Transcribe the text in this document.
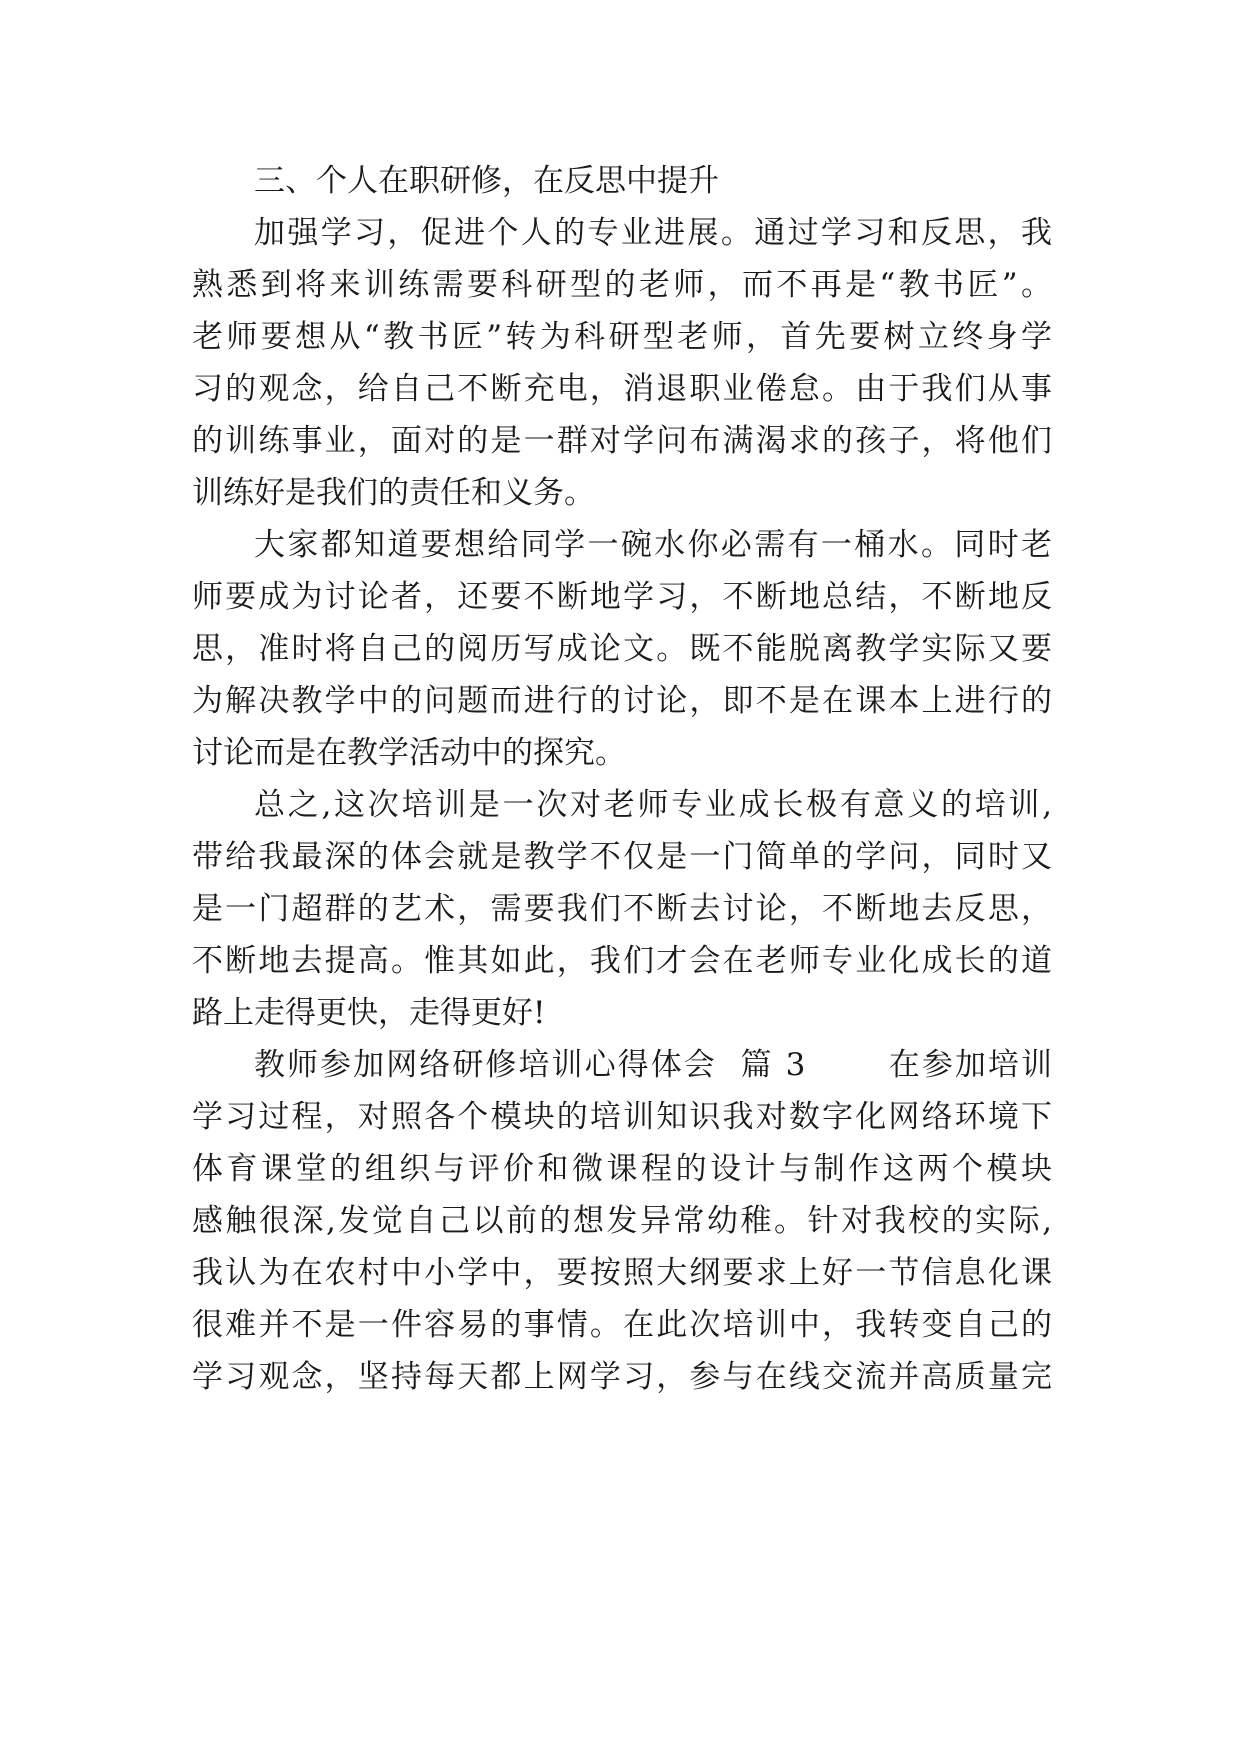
三、个人在职研修，在反思中提升
加强学习，促进个人的专业进展。通过学习和反思，我
熟悉到将来训练需要科研型的老师，而不再是“教书匠”。
老师要想从“教书匠”转为科研型老师，首先要树立终身学
习的观念，给自己不断充电，消退职业倦怠。由于我们从事
的训练事业，面对的是一群对学问布满渴求的孩子，将他们
训练好是我们的责任和义务。
大家都知道要想给同学一碗水你必需有一桶水。同时老
师要成为讨论者，还要不断地学习，不断地总结，不断地反
思，准时将自己的阅历写成论文。既不能脱离教学实际又要
为解决教学中的问题而进行的讨论，即不是在课本上进行的
讨论而是在教学活动中的探究。
总之,这次培训是一次对老师专业成长极有意义的培训,
带给我最深的体会就是教学不仅是一门简单的学问，同时又
是一门超群的艺术，需要我们不断去讨论，不断地去反思，
不断地去提高。惟其如此，我们才会在老师专业化成长的道
路上走得更快，走得更好!
教师参加网络研修培训心得体会  篇 3       在参加培训
学习过程，对照各个模块的培训知识我对数字化网络环境下
体育课堂的组织与评价和微课程的设计与制作这两个模块
感触很深,发觉自己以前的想发异常幼稚。针对我校的实际,
我认为在农村中小学中，要按照大纲要求上好一节信息化课
很难并不是一件容易的事情。在此次培训中，我转变自己的
学习观念，坚持每天都上网学习，参与在线交流并高质量完
